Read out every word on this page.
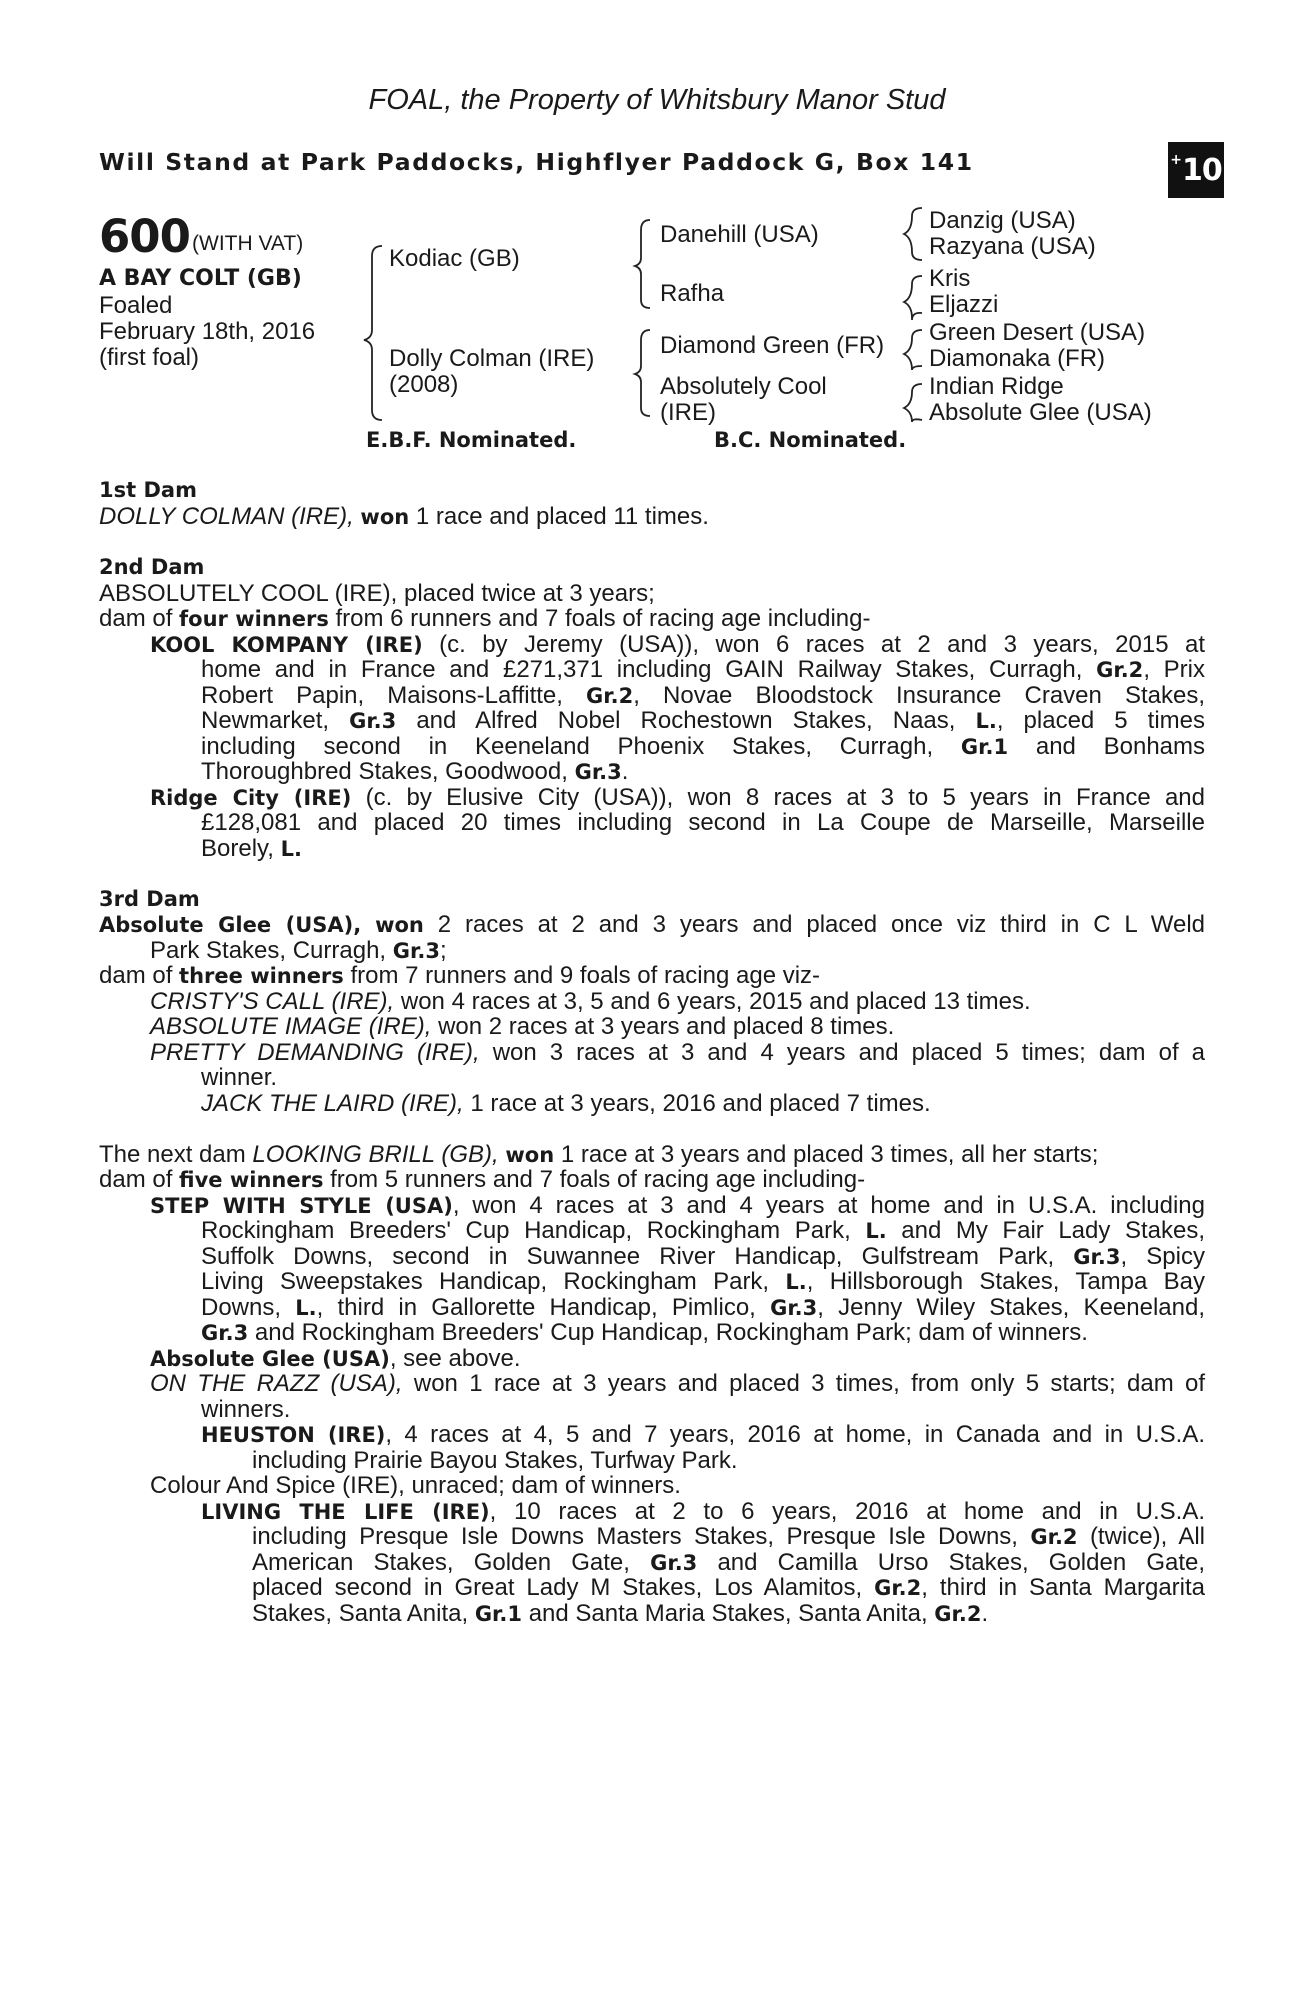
FOAL, the Property of Whitsbury Manor Stud
Will Stand at Park Paddocks, Highflyer Paddock G, Box 141	+ 10
600 (WITH VAT)
A BAY COLT (GB)
Foaled
February 18th, 2016
(first foal)
Kodiac (GB)
Dolly Colman (IRE)
(2008)
Danehill (USA)
Rafha
Diamond Green (FR)
Absolutely Cool
(IRE)
Danzig (USA)
Razyana (USA)
Kris
Eljazzi
Green Desert (USA)
Diamonaka (FR)
Indian Ridge
Absolute Glee (USA)
E.B.F. Nominated.	B.C. Nominated.
1st Dam
DOLLY COLMAN (IRE), won 1 race and placed 11 times.
2nd Dam
ABSOLUTELY COOL (IRE), placed twice at 3 years;
dam of four winners from 6 runners and 7 foals of racing age including-
KOOL KOMPANY (IRE) (c. by Jeremy (USA)), won 6 races at 2 and 3 years, 2015 at
home and in France and £271,371 including GAIN Railway Stakes, Curragh, Gr.2, Prix
Robert Papin, Maisons-Laffitte, Gr.2, Novae Bloodstock Insurance Craven Stakes,
Newmarket, Gr.3 and Alfred Nobel Rochestown Stakes, Naas, L., placed 5 times
including second in Keeneland Phoenix Stakes, Curragh, Gr.1 and Bonhams
Thoroughbred Stakes, Goodwood, Gr.3.
Ridge City (IRE) (c. by Elusive City (USA)), won 8 races at 3 to 5 years in France and
£128,081 and placed 20 times including second in La Coupe de Marseille, Marseille
Borely, L.
3rd Dam
Absolute Glee (USA), won 2 races at 2 and 3 years and placed once viz third in C L Weld
Park Stakes, Curragh, Gr.3;
dam of three winners from 7 runners and 9 foals of racing age viz-
CRISTY'S CALL (IRE), won 4 races at 3, 5 and 6 years, 2015 and placed 13 times.
ABSOLUTE IMAGE (IRE), won 2 races at 3 years and placed 8 times.
PRETTY DEMANDING (IRE), won 3 races at 3 and 4 years and placed 5 times; dam of a
winner.
JACK THE LAIRD (IRE), 1 race at 3 years, 2016 and placed 7 times.
The next dam LOOKING BRILL (GB), won 1 race at 3 years and placed 3 times, all her starts;
dam of five winners from 5 runners and 7 foals of racing age including-
STEP WITH STYLE (USA), won 4 races at 3 and 4 years at home and in U.S.A. including
Rockingham Breeders' Cup Handicap, Rockingham Park, L. and My Fair Lady Stakes,
Suffolk Downs, second in Suwannee River Handicap, Gulfstream Park, Gr.3, Spicy
Living Sweepstakes Handicap, Rockingham Park, L., Hillsborough Stakes, Tampa Bay
Downs, L., third in Gallorette Handicap, Pimlico, Gr.3, Jenny Wiley Stakes, Keeneland,
Gr.3 and Rockingham Breeders' Cup Handicap, Rockingham Park; dam of winners.
Absolute Glee (USA), see above.
ON THE RAZZ (USA), won 1 race at 3 years and placed 3 times, from only 5 starts; dam of
winners.
HEUSTON (IRE), 4 races at 4, 5 and 7 years, 2016 at home, in Canada and in U.S.A.
including Prairie Bayou Stakes, Turfway Park.
Colour And Spice (IRE), unraced; dam of winners.
LIVING THE LIFE (IRE), 10 races at 2 to 6 years, 2016 at home and in U.S.A.
including Presque Isle Downs Masters Stakes, Presque Isle Downs, Gr.2 (twice), All
American Stakes, Golden Gate, Gr.3 and Camilla Urso Stakes, Golden Gate,
placed second in Great Lady M Stakes, Los Alamitos, Gr.2, third in Santa Margarita
Stakes, Santa Anita, Gr.1 and Santa Maria Stakes, Santa Anita, Gr.2.
